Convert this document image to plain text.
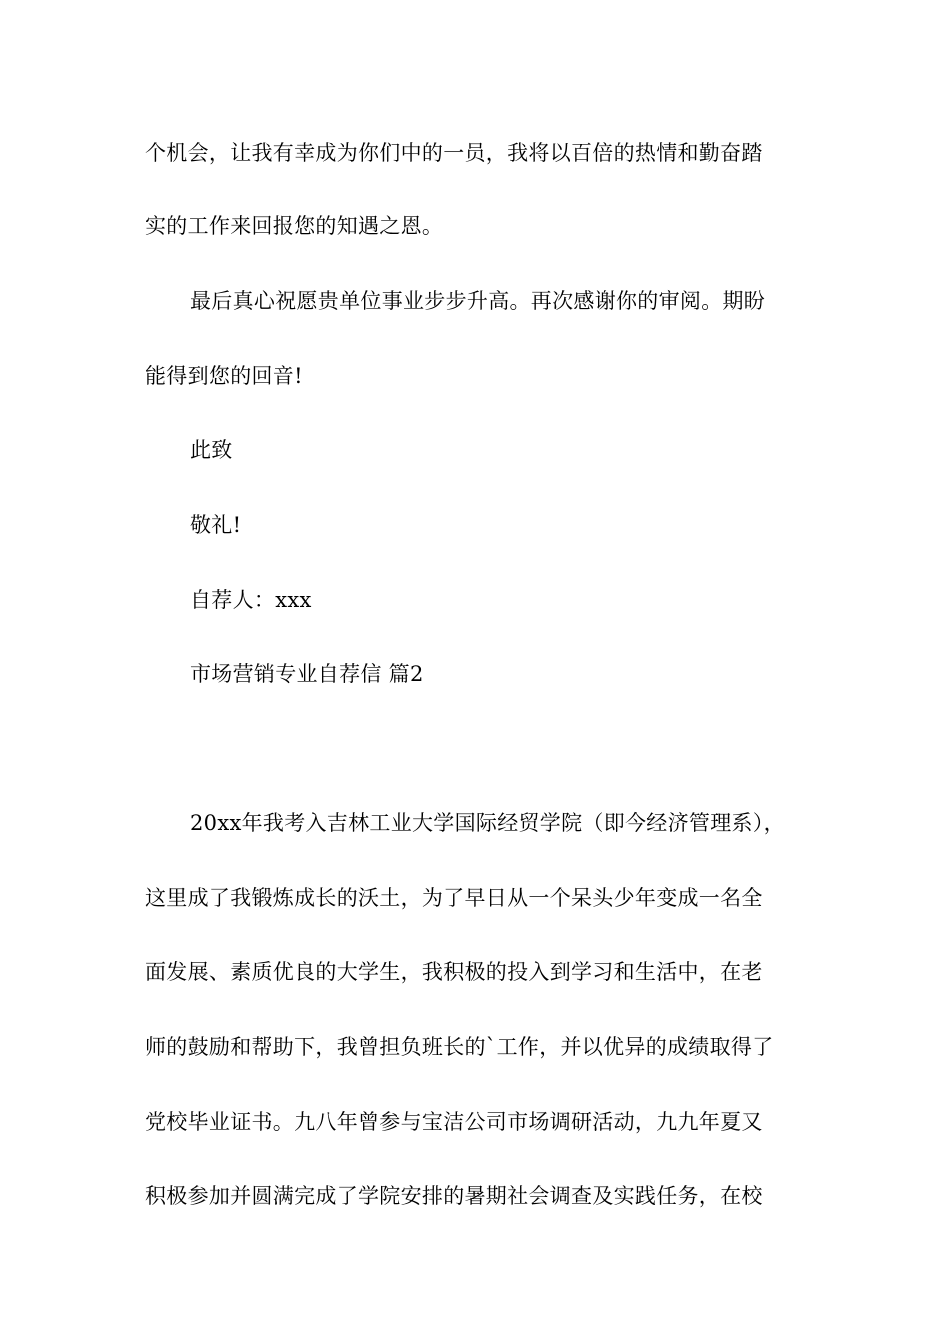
个机会，让我有幸成为你们中的一员，我将以百倍的热情和勤奋踏
实的工作来回报您的知遇之恩。
最后真心祝愿贵单位事业步步升高。再次感谢你的审阅。期盼
能得到您的回音!
此致
敬礼!
自荐人：xxx
市场营销专业自荐信 篇2
20xx年我考入吉林工业大学国际经贸学院（即今经济管理系），
这里成了我锻炼成长的沃土，为了早日从一个呆头少年变成一名全
面发展、素质优良的大学生，我积极的投入到学习和生活中，在老
师的鼓励和帮助下，我曾担负班长的`工作，并以优异的成绩取得了
党校毕业证书。九八年曾参与宝洁公司市场调研活动，九九年夏又
积极参加并圆满完成了学院安排的暑期社会调查及实践任务，在校
